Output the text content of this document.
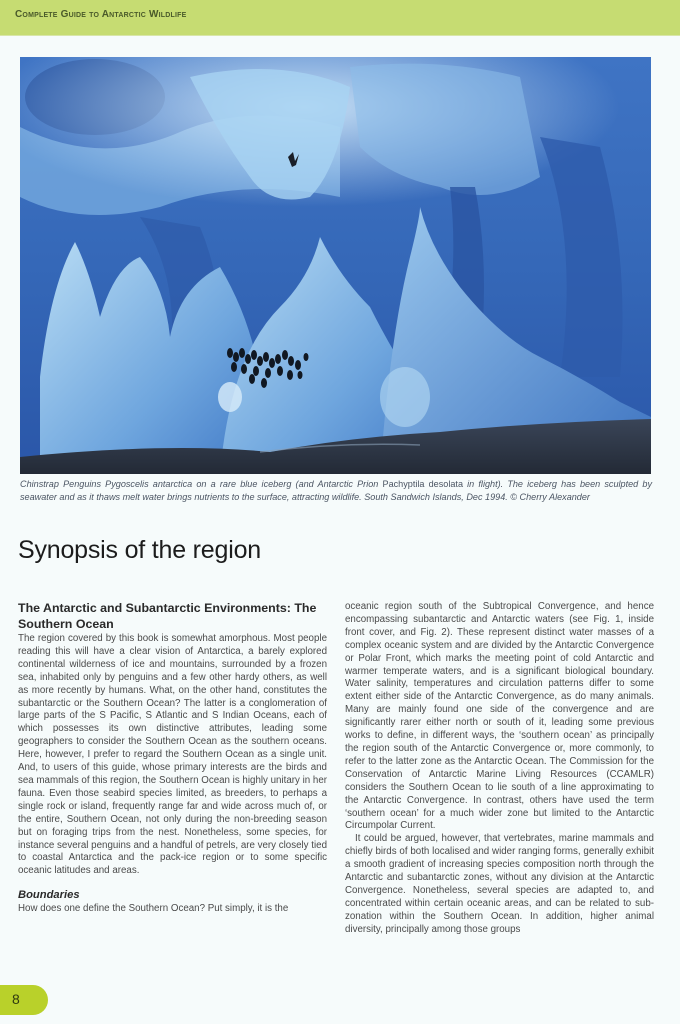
Complete Guide to Antarctic Wildlife
Chinstrap Penguins Pygoscelis antarctica on a rare blue iceberg (and Antarctic Prion Pachyptila desolata in flight). The iceberg has been sculpted by seawater and as it thaws melt water brings nutrients to the surface, attracting wildlife. South Sandwich Islands, Dec 1994. © Cherry Alexander
Synopsis of the region
The Antarctic and Subantarctic Environments: The Southern Ocean

The region covered by this book is somewhat amorphous. Most people reading this will have a clear vision of Antarctica, a barely explored continental wilderness of ice and mountains, surrounded by a frozen sea, inhabited only by penguins and a few other hardy others, as well as more recently by humans. What, on the other hand, constitutes the subantarctic or the Southern Ocean? The latter is a conglomeration of large parts of the S Pacific, S Atlantic and S Indian Oceans, each of which possesses its own distinctive attributes, leading some geographers to consider the Southern Ocean as the southern oceans. Here, however, I prefer to regard the Southern Ocean as a single unit. And, to users of this guide, whose primary interests are the birds and sea mammals of this region, the Southern Ocean is highly unitary in her fauna. Even those seabird species limited, as breeders, to perhaps a single rock or island, frequently range far and wide across much of, or the entire, Southern Ocean, not only during the non-breeding season but on foraging trips from the nest. Nonetheless, some species, for instance several penguins and a handful of petrels, are very closely tied to coastal Antarctica and the pack-ice region or to some specific oceanic latitudes and areas.

Boundaries

How does one define the Southern Ocean? Put simply, it is the

oceanic region south of the Subtropical Convergence, and hence encompassing subantarctic and Antarctic waters (see Fig. 1, inside front cover, and Fig. 2). These represent distinct water masses of a complex oceanic system and are divided by the Antarctic Convergence or Polar Front, which marks the meeting point of cold Antarctic and warmer temperate waters, and is a significant biological boundary. Water salinity, temperatures and circulation patterns differ to some extent either side of the Antarctic Convergence, as do many animals. Many are mainly found one side of the convergence and are significantly rarer either north or south of it, leading some previous works to define, in different ways, the ‘southern ocean’ as principally the region south of the Antarctic Convergence or, more commonly, to refer to the latter zone as the Antarctic Ocean. The Commission for the Conservation of Antarctic Marine Living Resources (CCAMLR) considers the Southern Ocean to lie south of a line approximating to the Antarctic Convergence. In contrast, others have used the term ‘southern ocean’ for a much wider zone but limited to the Antarctic Circumpolar Current.

It could be argued, however, that vertebrates, marine mammals and chiefly birds of both localised and wider ranging forms, generally exhibit a smooth gradient of increasing species composition north through the Antarctic and subantarctic zones, without any division at the Antarctic Convergence. Nonetheless, several species are adapted to, and concentrated within certain oceanic areas, and can be related to sub-zonation within the Southern Ocean. In addition, higher animal diversity, principally among those groups

8
